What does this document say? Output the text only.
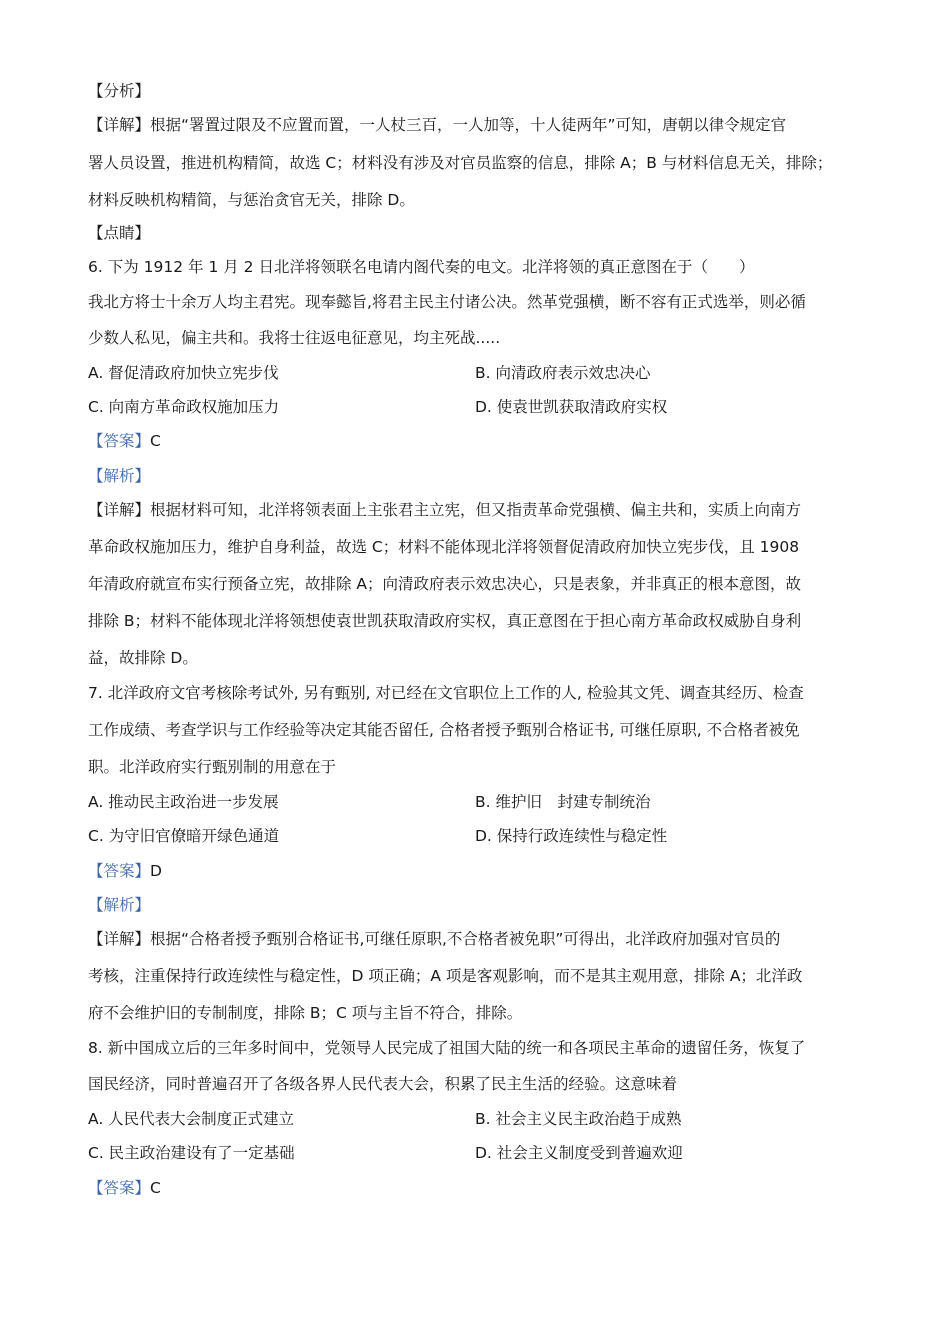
【分析】
【详解】根据“署置过限及不应置而置，一人杖三百，一人加等，十人徒两年”可知，唐朝以律令规定官
署人员设置，推进机构精简，故选 C；材料没有涉及对官员监察的信息，排除 A；B 与材料信息无关，排除；
材料反映机构精简，与惩治贪官无关，排除 D。
【点睛】
6. 下为 1912 年 1 月 2 日北洋将领联名电请内阁代奏的电文。北洋将领的真正意图在于（　　）
我北方将士十余万人均主君宪。现奉懿旨,将君主民主付诸公决。然革党强横，断不容有正式选举，则必循
少数人私见，偏主共和。我将士往返电征意见，均主死战.....
A. 督促清政府加快立宪步伐	B. 向清政府表示效忠决心
C. 向南方革命政权施加压力	D. 使袁世凯获取清政府实权
【答案】C
【解析】
【详解】根据材料可知，北洋将领表面上主张君主立宪，但又指责革命党强横、偏主共和，实质上向南方
革命政权施加压力，维护自身利益，故选 C；材料不能体现北洋将领督促清政府加快立宪步伐，且 1908
年清政府就宣布实行预备立宪，故排除 A；向清政府表示效忠决心，只是表象，并非真正的根本意图，故
排除 B；材料不能体现北洋将领想使袁世凯获取清政府实权，真正意图在于担心南方革命政权威胁自身利
益，故排除 D。
7. 北洋政府文官考核除考试外, 另有甄别, 对已经在文官职位上工作的人, 检验其文凭、调查其经历、检查
工作成绩、考查学识与工作经验等决定其能否留任, 合格者授予甄别合格证书, 可继任原职, 不合格者被免
职。北洋政府实行甄别制的用意在于
A. 推动民主政治进一步发展	B. 维护旧　封建专制统治
C. 为守旧官僚暗开绿色通道	D. 保持行政连续性与稳定性
【答案】D
【解析】
【详解】根据“合格者授予甄别合格证书,可继任原职,不合格者被免职”可得出，北洋政府加强对官员的
考核，注重保持行政连续性与稳定性，D 项正确；A 项是客观影响，而不是其主观用意，排除 A；北洋政
府不会维护旧的专制制度，排除 B；C 项与主旨不符合，排除。
8. 新中国成立后的三年多时间中，党领导人民完成了祖国大陆的统一和各项民主革命的遗留任务，恢复了
国民经济，同时普遍召开了各级各界人民代表大会，积累了民主生活的经验。这意味着
A. 人民代表大会制度正式建立	B. 社会主义民主政治趋于成熟
C. 民主政治建设有了一定基础	D. 社会主义制度受到普遍欢迎
【答案】C
